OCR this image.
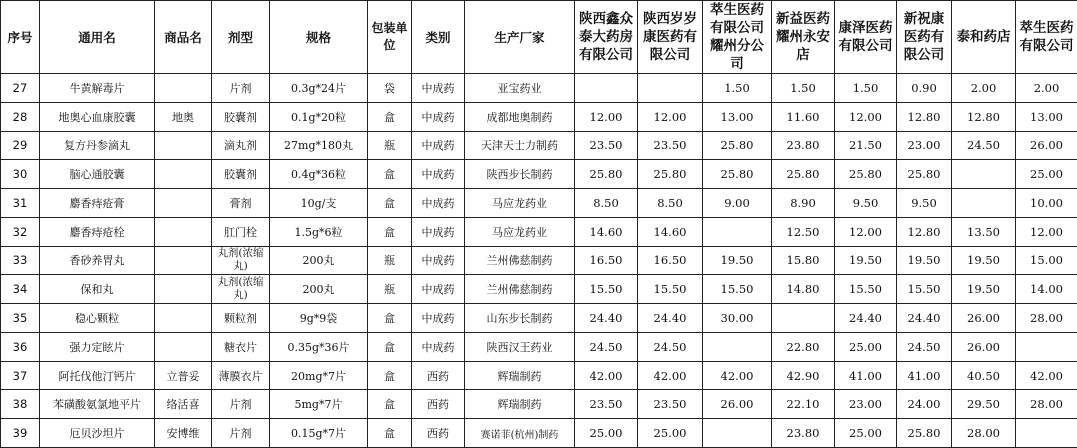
序号	通用名	商品名	剂型	规格	包装单位	类别	生产厂家	陕西鑫众泰大药房有限公司	陕西岁岁康医药有限公司	萃生医药有限公司耀州分公司	新益医药耀州永安店	康泽医药有限公司	新祝康医药有限公司	泰和药店	萃生医药有限公司
27	牛黄解毒片		片剂	0.3g*24片	袋	中成药	亚宝药业			1.50	1.50	1.50	0.90	2.00	2.00
28	地奥心血康胶囊	地奥	胶囊剂	0.1g*20粒	盒	中成药	成都地奥制药	12.00	12.00	13.00	11.60	12.00	12.80	12.80	13.00
29	复方丹参滴丸		滴丸剂	27mg*180丸	瓶	中成药	天津天士力制药	23.50	23.50	25.80	23.80	21.50	23.00	24.50	26.00
30	脑心通胶囊		胶囊剂	0.4g*36粒	盒	中成药	陕西步长制药	25.80	25.80	25.80	25.80	25.80	25.80		25.00
31	麝香痔疮膏		膏剂	10g/支	盒	中成药	马应龙药业	8.50	8.50	9.00	8.90	9.50	9.50		10.00
32	麝香痔疮栓		肛门栓	1.5g*6粒	盒	中成药	马应龙药业	14.60	14.60		12.50	12.00	12.80	13.50	12.00
33	香砂养胃丸		丸剂(浓缩丸)	200丸	瓶	中成药	兰州佛慈制药	16.50	16.50	19.50	15.80	19.50	19.50	19.50	15.00
34	保和丸		丸剂(浓缩丸)	200丸	瓶	中成药	兰州佛慈制药	15.50	15.50	15.50	14.80	15.50	15.50	19.50	14.00
35	稳心颗粒		颗粒剂	9g*9袋	盒	中成药	山东步长制药	24.40	24.40	30.00		24.40	24.40	26.00	28.00
36	强力定眩片		糖衣片	0.35g*36片	盒	中成药	陕西汉王药业	24.50	24.50		22.80	25.00	24.50	26.00	
37	阿托伐他汀钙片	立普妥	薄膜衣片	20mg*7片	盒	西药	辉瑞制药	42.00	42.00	42.00	42.90	41.00	41.00	40.50	42.00
38	苯磺酸氨氯地平片	络活喜	片剂	5mg*7片	盒	西药	辉瑞制药	23.50	23.50	26.00	22.10	23.00	24.00	29.50	28.00
39	厄贝沙坦片	安博维	片剂	0.15g*7片	盒	西药	赛诺菲(杭州)制药	25.00	25.00		23.80	25.00	25.80	28.00	
